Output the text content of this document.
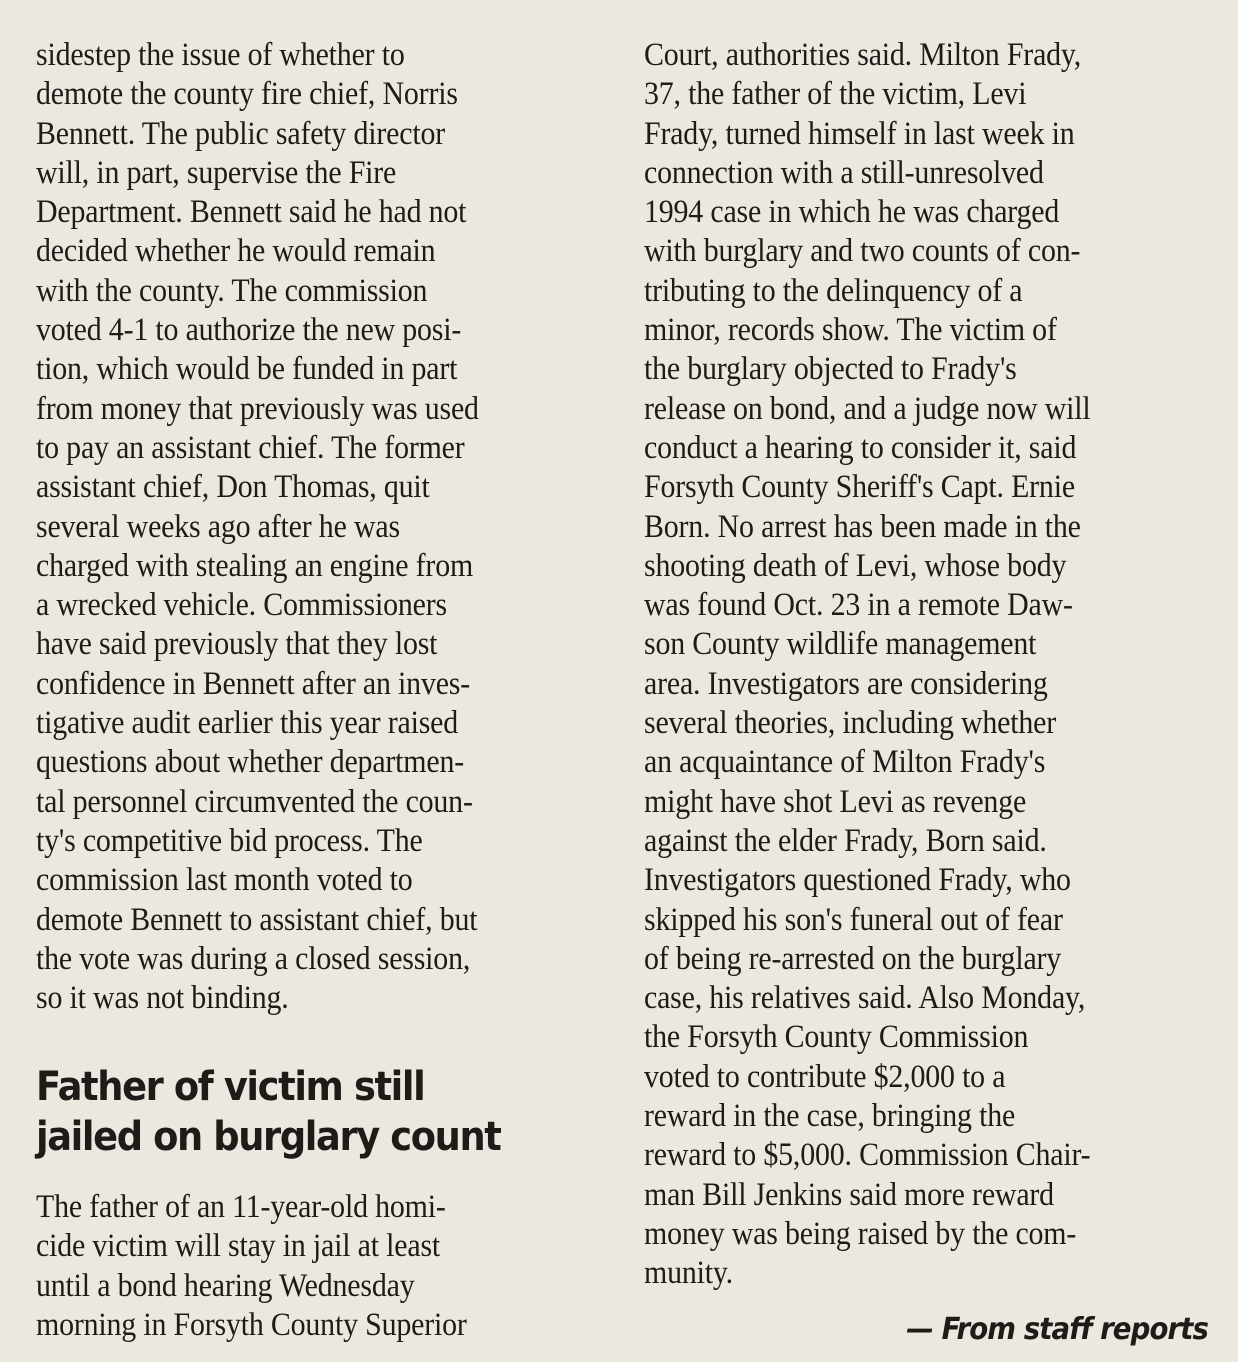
sidestep the issue of whether to
demote the county fire chief, Norris
Bennett. The public safety director
will, in part, supervise the Fire
Department. Bennett said he had not
decided whether he would remain
with the county. The commission
voted 4-1 to authorize the new posi-
tion, which would be funded in part
from money that previously was used
to pay an assistant chief. The former
assistant chief, Don Thomas, quit
several weeks ago after he was
charged with stealing an engine from
a wrecked vehicle. Commissioners
have said previously that they lost
confidence in Bennett after an inves-
tigative audit earlier this year raised
questions about whether departmen-
tal personnel circumvented the coun-
ty's competitive bid process. The
commission last month voted to
demote Bennett to assistant chief, but
the vote was during a closed session,
so it was not binding.
Father of victim still
jailed on burglary count
The father of an 11-year-old homi-
cide victim will stay in jail at least
until a bond hearing Wednesday
morning in Forsyth County Superior
Court, authorities said. Milton Frady,
37, the father of the victim, Levi
Frady, turned himself in last week in
connection with a still-unresolved
1994 case in which he was charged
with burglary and two counts of con-
tributing to the delinquency of a
minor, records show. The victim of
the burglary objected to Frady's
release on bond, and a judge now will
conduct a hearing to consider it, said
Forsyth County Sheriff's Capt. Ernie
Born. No arrest has been made in the
shooting death of Levi, whose body
was found Oct. 23 in a remote Daw-
son County wildlife management
area. Investigators are considering
several theories, including whether
an acquaintance of Milton Frady's
might have shot Levi as revenge
against the elder Frady, Born said.
Investigators questioned Frady, who
skipped his son's funeral out of fear
of being re-arrested on the burglary
case, his relatives said. Also Monday,
the Forsyth County Commission
voted to contribute $2,000 to a
reward in the case, bringing the
reward to $5,000. Commission Chair-
man Bill Jenkins said more reward
money was being raised by the com-
munity.
— From staff reports
